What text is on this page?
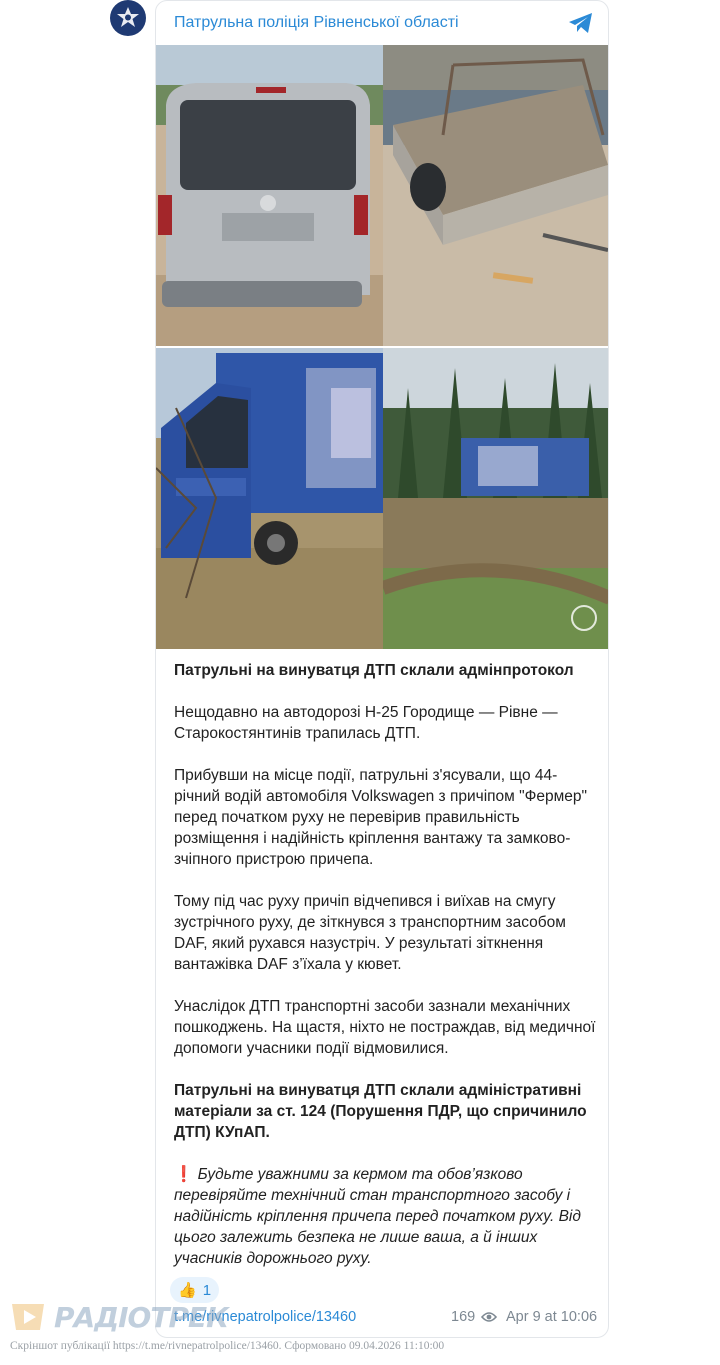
Патрульна поліція Рівненської області

Патрульні на винуватця ДТП склали адмінпротокол

Нещодавно на автодорозі Н-25 Городище — Рівне — Старокостянтинів трапилась ДТП.

Прибувши на місце події, патрульні з'ясували, що 44-річний водій автомобіля Volkswagen з причіпом "Фермер" перед початком руху не перевірив правильність розміщення і надійність кріплення вантажу та замково-зчіпного пристрою причепа.

Тому під час руху причіп відчепився і виїхав на смугу зустрічного руху, де зіткнувся з транспортним засобом DAF, який рухався назустріч. У результаті зіткнення вантажівка DAF з’їхала у кювет.

Унаслідок ДТП транспортні засоби зазнали механічних пошкоджень. На щастя, ніхто не постраждав, від медичної допомоги учасники події відмовилися.

Патрульні на винуватця ДТП склали адміністративні матеріали за ст. 124 (Порушення ПДР, що спричинило ДТП) КУпАП.

❗ Будьте уважними за кермом та обов’язково перевіряйте технічний стан транспортного засобу і надійність кріплення причепа перед початком руху. Від цього залежить безпека не лише ваша, а й інших учасників дорожнього руху.

👍 1
t.me/rivnepatrolpolice/13460	169 Apr 9 at 10:06
РАДІОТРЕК
Скріншот публікації https://t.me/rivnepatrolpolice/13460. Сформовано 09.04.2026 11:10:00
